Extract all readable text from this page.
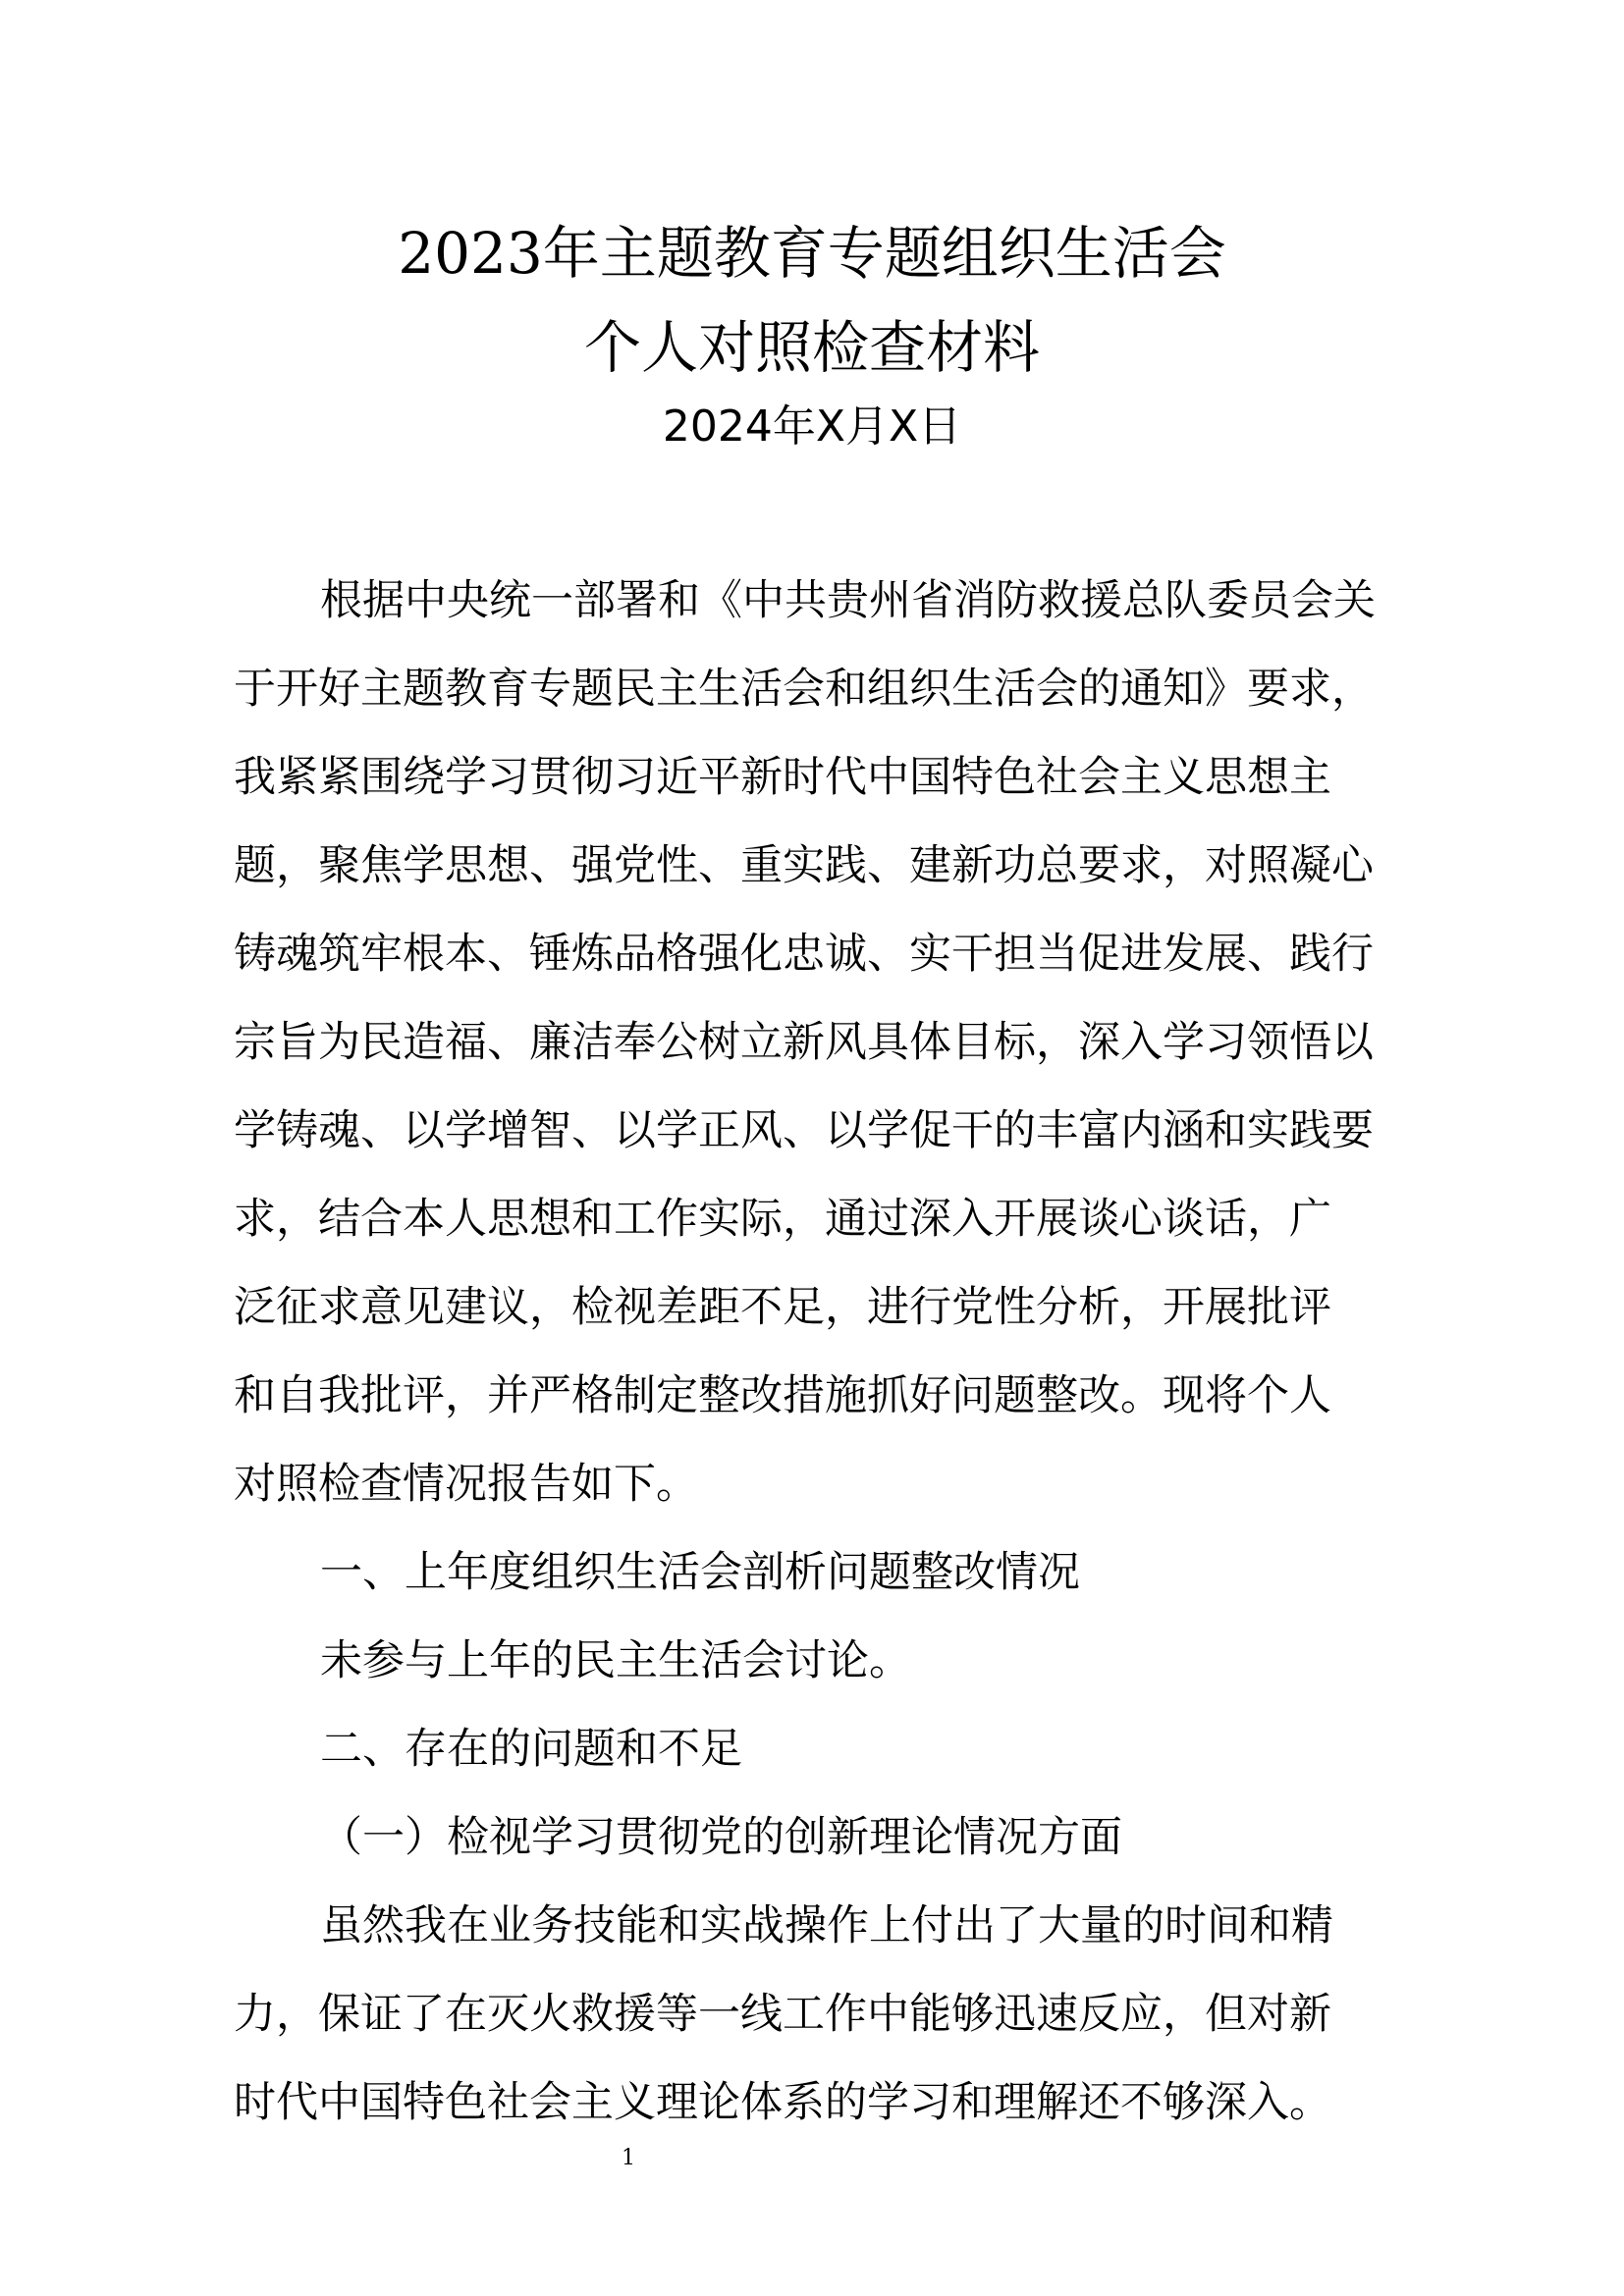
2023年主题教育专题组织生活会
个人对照检查材料

2024年X月X日

根据中央统一部署和《中共贵州省消防救援总队委员会关

于开好主题教育专题民主生活会和组织生活会的通知》要求，

我紧紧围绕学习贯彻习近平新时代中国特色社会主义思想主

题，聚焦学思想、强党性、重实践、建新功总要求，对照凝心

铸魂筑牢根本、锤炼品格强化忠诚、实干担当促进发展、践行

宗旨为民造福、廉洁奉公树立新风具体目标，深入学习领悟以

学铸魂、以学增智、以学正风、以学促干的丰富内涵和实践要

求，结合本人思想和工作实际，通过深入开展谈心谈话，广

泛征求意见建议，检视差距不足，进行党性分析，开展批评

和自我批评，并严格制定整改措施抓好问题整改。现将个人

对照检查情况报告如下。

一、上年度组织生活会剖析问题整改情况

未参与上年的民主生活会讨论。

二、存在的问题和不足

（一）检视学习贯彻党的创新理论情况方面

虽然我在业务技能和实战操作上付出了大量的时间和精

力，保证了在灭火救援等一线工作中能够迅速反应，但对新

时代中国特色社会主义理论体系的学习和理解还不够深入。

1
